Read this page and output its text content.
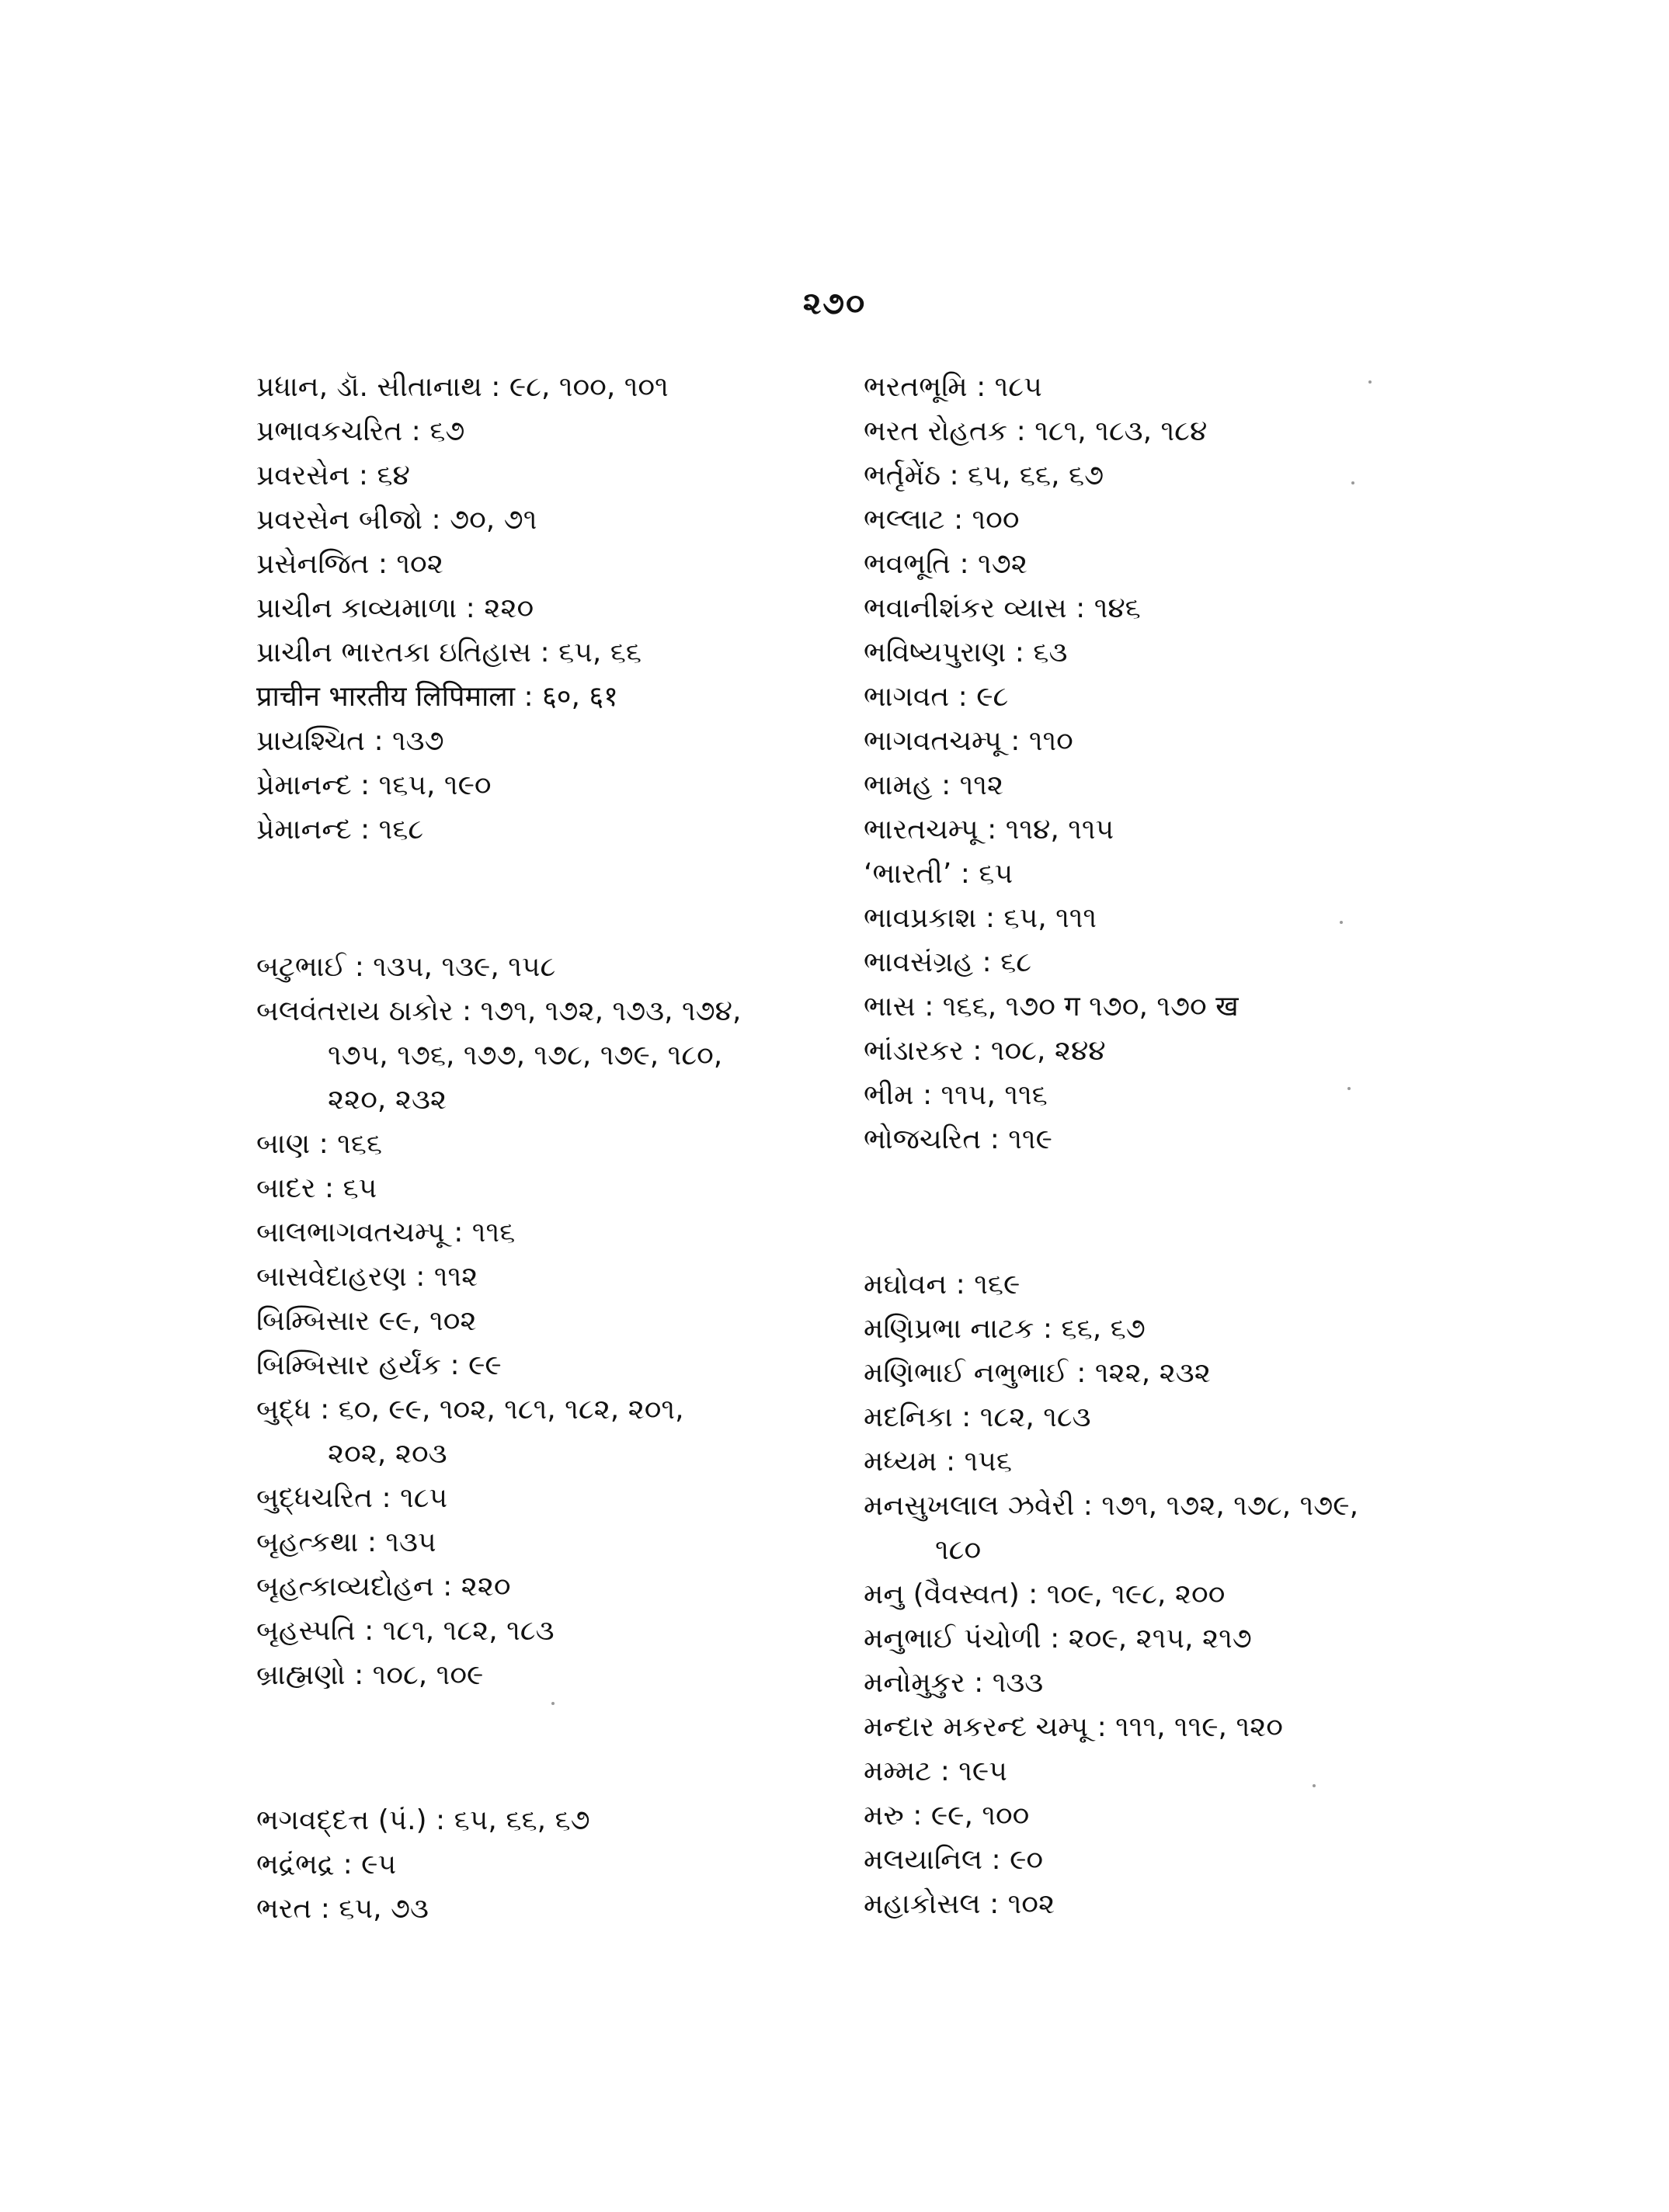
૨૭૦
પ્રધાન, ડૉ. સીતાનાથ : ૯૮, ૧૦૦, ૧૦૧
પ્રભાવકચરિત : ૬૭
પ્રવરસેન : ૬૪
પ્રવરસેન બીજો : ૭૦, ૭૧
પ્રસેનજિત : ૧૦૨
પ્રાચીન કાવ્યમાળા : ૨૨૦
પ્રાચીન ભારતકા ઇતિહાસ : ૬૫, ૬૬
प्राचीन भारतीय लिपिमाला : ६०, ६१
પ્રાયશ્ચિત : ૧૩૭
પ્રેમાનન્દ : ૧૬૫, ૧૯૦
પ્રેમાનન્દ : ૧૬૮
બટુભાઈ : ૧૩૫, ૧૩૯, ૧૫૮
બલવંતરાય ઠાકોર : ૧૭૧, ૧૭૨, ૧૭૩, ૧૭૪,
૧૭૫, ૧૭૬, ૧૭૭, ૧૭૮, ૧૭૯, ૧૮૦,
૨૨૦, ૨૩૨
બાણ : ૧૬૬
બાદર : ૬૫
બાલભાગવતચમ્પૂ : ૧૧૬
બાસવેદાહરણ : ૧૧૨
બિમ્બિસાર ૯૯, ૧૦૨
બિમ્બિસાર હર્યંક : ૯૯
બુદ્ધ : ૬૦, ૯૯, ૧૦૨, ૧૮૧, ૧૮૨, ૨૦૧,
૨૦૨, ૨૦૩
બુદ્ધચરિત : ૧૮૫
બૃહત્કથા : ૧૩૫
બૃહત્કાવ્યદોહન : ૨૨૦
બૃહસ્પતિ : ૧૮૧, ૧૮૨, ૧૮૩
બ્રાહ્મણો : ૧૦૮, ૧૦૯
ભગવદ્દત્ત (પં.) : ૬૫, ૬૬, ૬૭
ભદ્રંભદ્ર : ૯૫
ભરત : ૬૫, ૭૩
ભરતભૂમિ : ૧૮૫
ભરત રોહતક : ૧૮૧, ૧૮૩, ૧૮૪
ભર્તૃમેંઠ : ૬૫, ૬૬, ૬૭
ભલ્લાટ : ૧૦૦
ભવભૂતિ : ૧૭૨
ભવાનીશંકર વ્યાસ : ૧૪૬
ભવિષ્યપુરાણ : ૬૩
ભાગવત : ૯૮
ભાગવતચમ્પૂ : ૧૧૦
ભામહ : ૧૧૨
ભારતચમ્પૂ : ૧૧૪, ૧૧૫
‘ભારતી’ : ૬૫
ભાવપ્રકાશ : ૬૫, ૧૧૧
ભાવસંગ્રહ : ૬૮
ભાસ : ૧૬૬, ૧૭૦ ग ૧૭૦, ૧૭૦ ख
ભાંડારકર : ૧૦૮, ૨૪૪
ભીમ : ૧૧૫, ૧૧૬
ભોજચરિત : ૧૧૯
મઘોવન : ૧૬૯
મણિપ્રભા નાટક : ૬૬, ૬૭
મણિભાઈ નભુભાઈ : ૧૨૨, ૨૩૨
મદનિકા : ૧૮૨, ૧૮૩
મધ્યમ : ૧૫૬
મનસુખલાલ ઝવેરી : ૧૭૧, ૧૭૨, ૧૭૮, ૧૭૯,
૧૮૦
મનુ (વૈવસ્વત) : ૧૦૯, ૧૯૮, ૨૦૦
મનુભાઈ પંચોળી : ૨૦૯, ૨૧૫, ૨૧૭
મનોમુકુર : ૧૩૩
મન્દાર મકરન્દ ચમ્પૂ : ૧૧૧, ૧૧૯, ૧૨૦
મમ્મટ : ૧૯૫
મરુ : ૯૯, ૧૦૦
મલયાનિલ : ૯૦
મહાકોસલ : ૧૦૨
